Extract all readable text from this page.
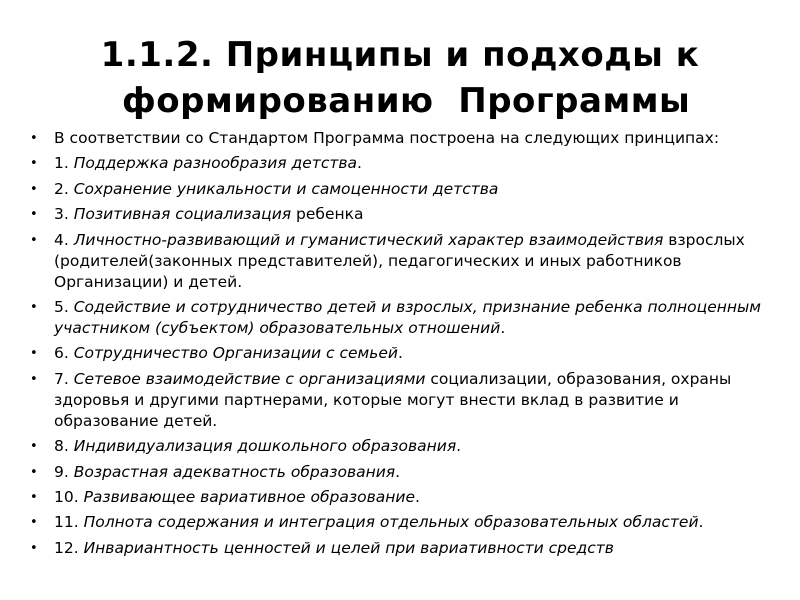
1.1.2. Принципы и подходы к
формированию  Программы
•	В соответствии со Стандартом Программа построена на следующих принципах:
•	1. Поддержка разнообразия детства.
•	2. Сохранение уникальности и самоценности детства
•	3. Позитивная социализация ребенка
•	4. Личностно-развивающий и гуманистический характер взаимодействия взрослых (родителей(законных представителей), педагогических и иных работников Организации) и детей.
•	5. Содействие и сотрудничество детей и взрослых, признание ребенка полноценным участником (субъектом) образовательных отношений.
•	6. Сотрудничество Организации с семьей.
•	7. Сетевое взаимодействие с организациями социализации, образования, охраны здоровья и другими партнерами, которые могут внести вклад в развитие и образование детей.
•	8. Индивидуализация дошкольного образования.
•	9. Возрастная адекватность образования.
•	10. Развивающее вариативное образование.
•	11. Полнота содержания и интеграция отдельных образовательных областей.
•	12. Инвариантность ценностей и целей при вариативности средств
